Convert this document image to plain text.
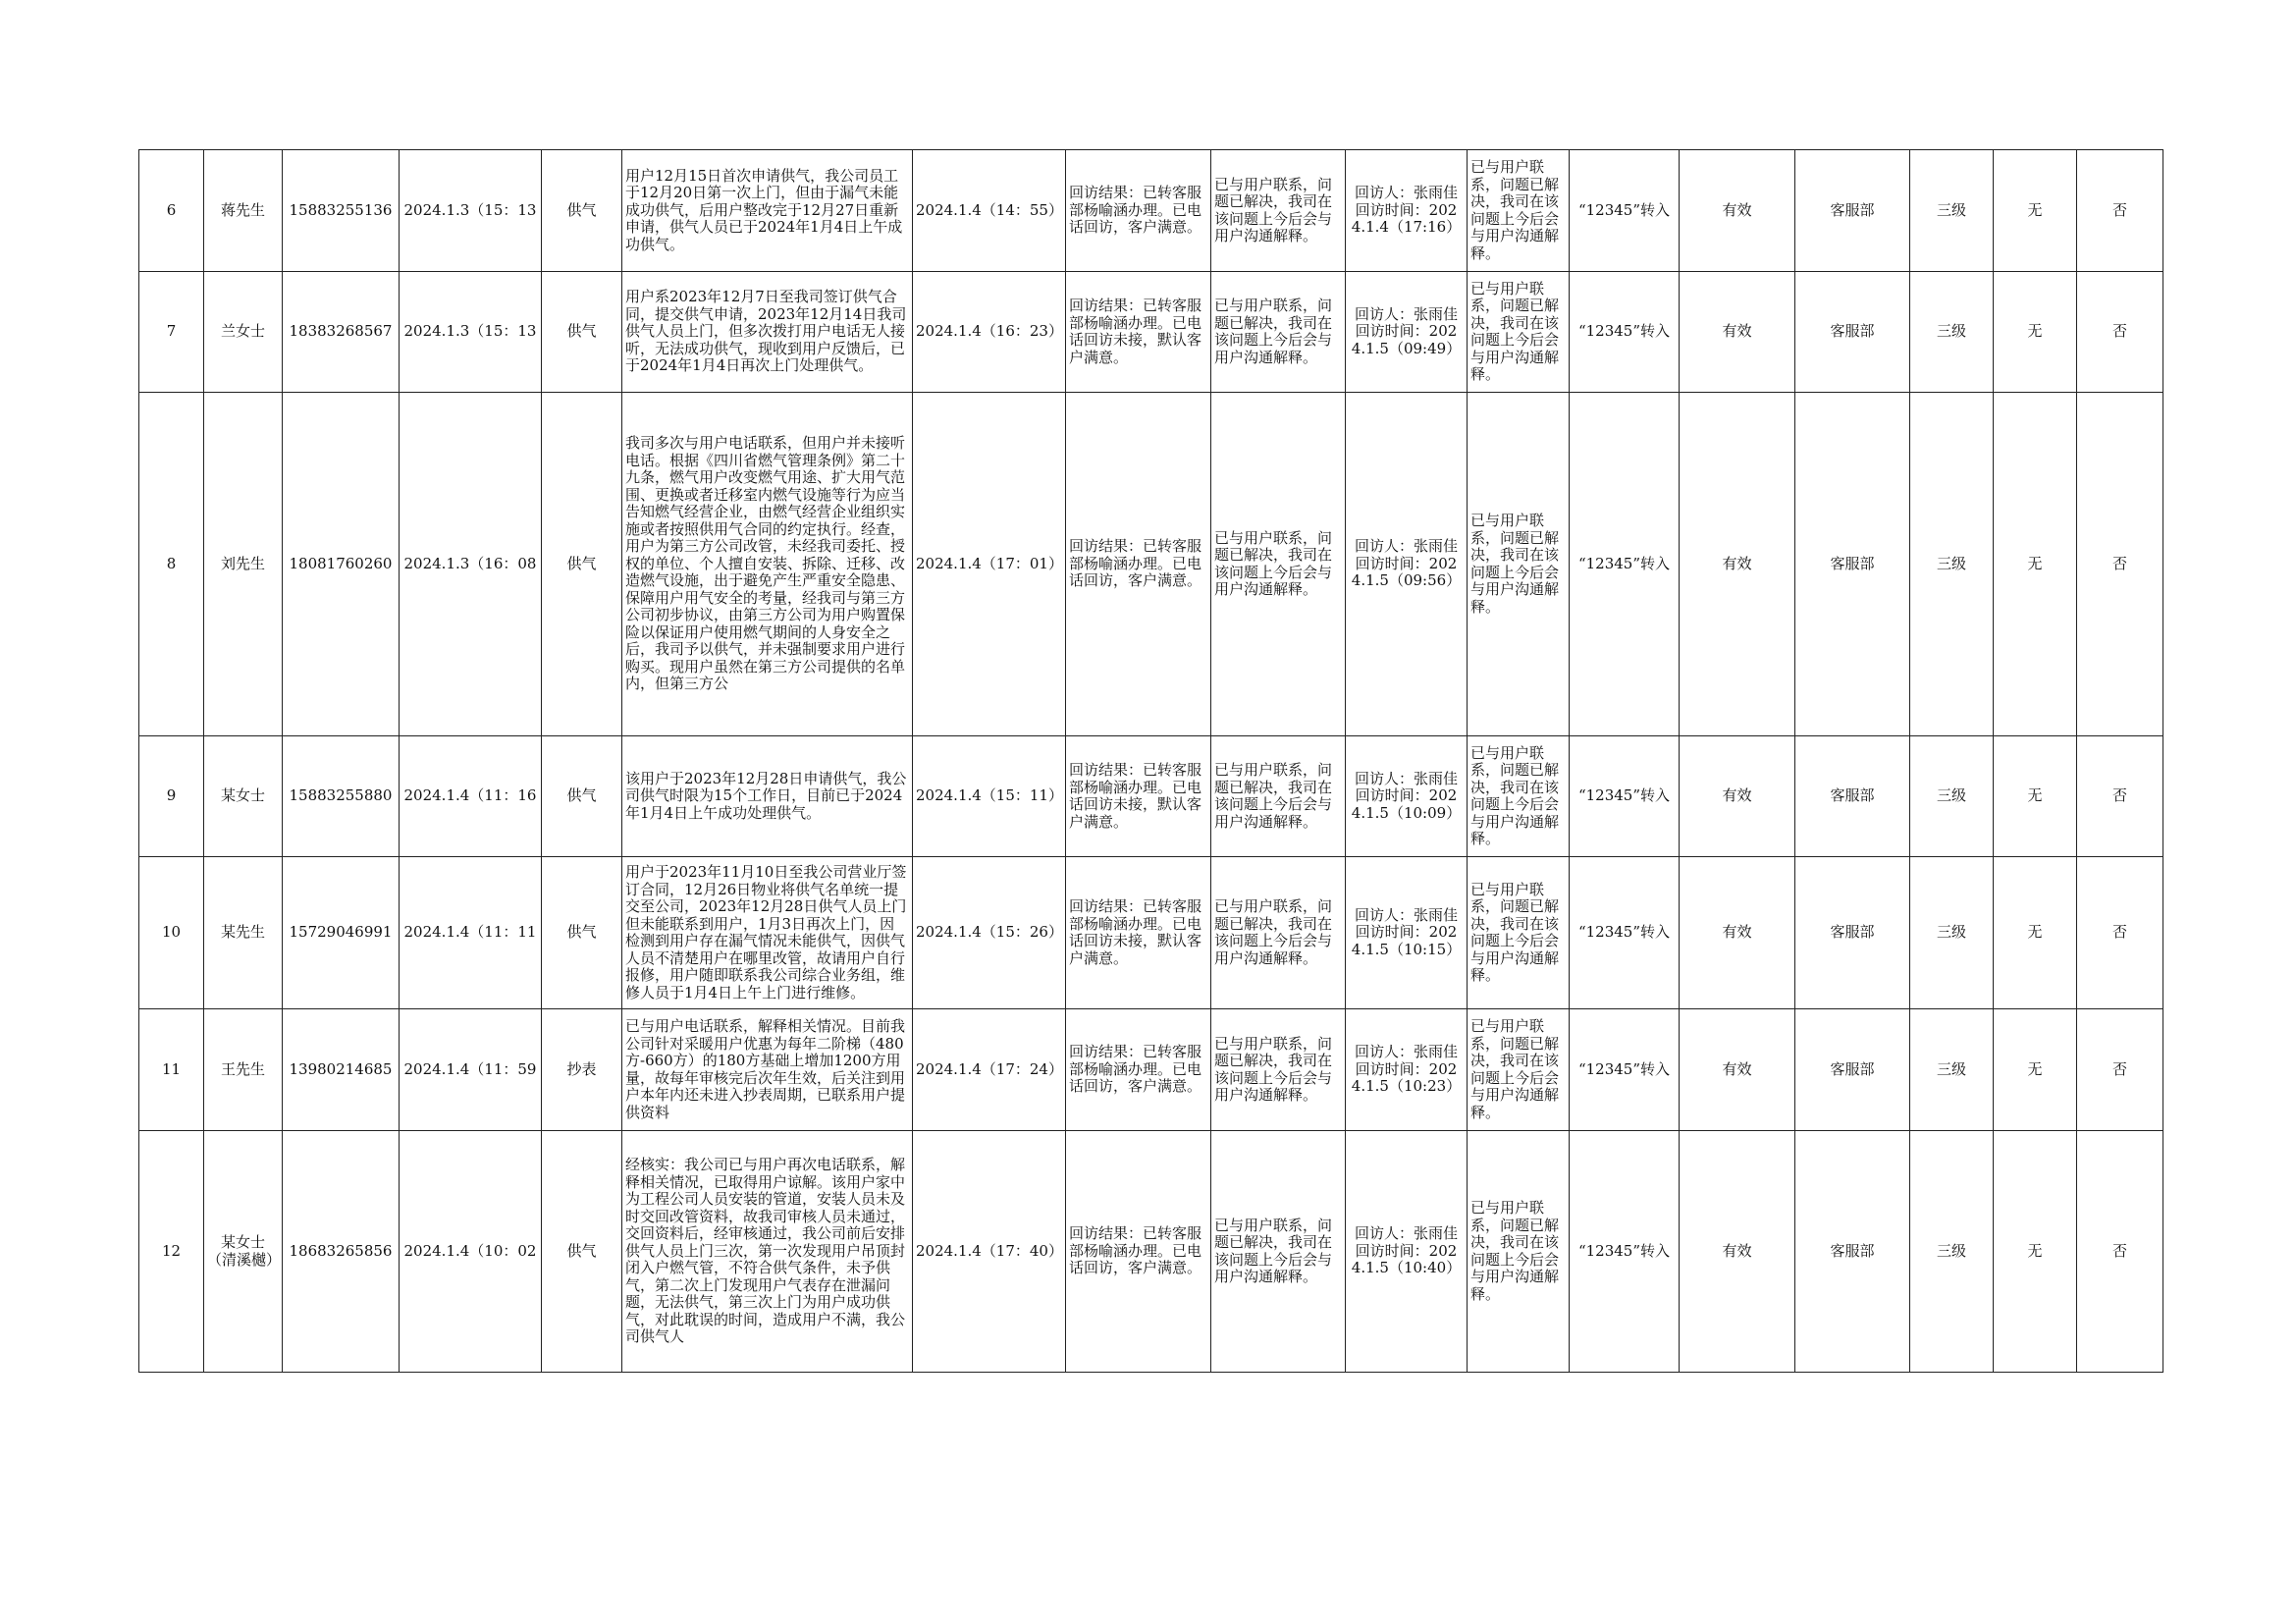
6	蒋先生	15883255136	2024.1.3（15：13	供气	用户12月15日首次申请供气，我公司员工于12月20日第一次上门，但由于漏气未能成功供气，后用户整改完于12月27日重新申请，供气人员已于2024年1月4日上午成功供气。	2024.1.4（14：55）	回访结果：已转客服部杨喻涵办理。已电话回访，客户满意。	已与用户联系，问题已解决，我司在该问题上今后会与用户沟通解释。	回访人：张雨佳　　回访时间：2024.1.4（17:16）	已与用户联系，问题已解决，我司在该问题上今后会与用户沟通解释。	“12345”转入	有效	客服部	三级	无	否
7	兰女士	18383268567	2024.1.3（15：13	供气	用户系2023年12月7日至我司签订供气合同，提交供气申请，2023年12月14日我司供气人员上门，但多次拨打用户电话无人接听，无法成功供气，现收到用户反馈后，已于2024年1月4日再次上门处理供气。	2024.1.4（16：23）	回访结果：已转客服部杨喻涵办理。已电话回访未接，默认客户满意。	已与用户联系，问题已解决，我司在该问题上今后会与用户沟通解释。	回访人：张雨佳　　回访时间：2024.1.5（09:49）	已与用户联系，问题已解决，我司在该问题上今后会与用户沟通解释。	“12345”转入	有效	客服部	三级	无	否
8	刘先生	18081760260	2024.1.3（16：08	供气	我司多次与用户电话联系，但用户并未接听电话。根据《四川省燃气管理条例》第二十九条，燃气用户改变燃气用途、扩大用气范围、更换或者迁移室内燃气设施等行为应当告知燃气经营企业，由燃气经营企业组织实施或者按照供用气合同的约定执行。经查，用户为第三方公司改管，未经我司委托、授权的单位、个人擅自安装、拆除、迁移、改造燃气设施，出于避免产生严重安全隐患、保障用户用气安全的考量，经我司与第三方公司初步协议，由第三方公司为用户购置保险以保证用户使用燃气期间的人身安全之后，我司予以供气，并未强制要求用户进行购买。现用户虽然在第三方公司提供的名单内，但第三方公	2024.1.4（17：01）	回访结果：已转客服部杨喻涵办理。已电话回访，客户满意。	已与用户联系，问题已解决，我司在该问题上今后会与用户沟通解释。	回访人：张雨佳　　回访时间：2024.1.5（09:56）	已与用户联系，问题已解决，我司在该问题上今后会与用户沟通解释。	“12345”转入	有效	客服部	三级	无	否
9	某女士	15883255880	2024.1.4（11：16	供气	该用户于2023年12月28日申请供气，我公司供气时限为15个工作日，目前已于2024年1月4日上午成功处理供气。	2024.1.4（15：11）	回访结果：已转客服部杨喻涵办理。已电话回访未接，默认客户满意。	已与用户联系，问题已解决，我司在该问题上今后会与用户沟通解释。	回访人：张雨佳　　回访时间：2024.1.5（10:09）	已与用户联系，问题已解决，我司在该问题上今后会与用户沟通解释。	“12345”转入	有效	客服部	三级	无	否
10	某先生	15729046991	2024.1.4（11：11	供气	用户于2023年11月10日至我公司营业厅签订合同，12月26日物业将供气名单统一提交至公司，2023年12月28日供气人员上门但未能联系到用户，1月3日再次上门，因检测到用户存在漏气情况未能供气，因供气人员不清楚用户在哪里改管，故请用户自行报修，用户随即联系我公司综合业务组，维修人员于1月4日上午上门进行维修。	2024.1.4（15：26）	回访结果：已转客服部杨喻涵办理。已电话回访未接，默认客户满意。	已与用户联系，问题已解决，我司在该问题上今后会与用户沟通解释。	回访人：张雨佳　　回访时间：2024.1.5（10:15）	已与用户联系，问题已解决，我司在该问题上今后会与用户沟通解释。	“12345”转入	有效	客服部	三级	无	否
11	王先生	13980214685	2024.1.4（11：59	抄表	已与用户电话联系，解释相关情况。目前我公司针对采暖用户优惠为每年二阶梯（480方-660方）的180方基础上增加1200方用量，故每年审核完后次年生效，后关注到用户本年内还未进入抄表周期，已联系用户提供资料	2024.1.4（17：24）	回访结果：已转客服部杨喻涵办理。已电话回访，客户满意。	已与用户联系，问题已解决，我司在该问题上今后会与用户沟通解释。	回访人：张雨佳　　回访时间：2024.1.5（10:23）	已与用户联系，问题已解决，我司在该问题上今后会与用户沟通解释。	“12345”转入	有效	客服部	三级	无	否
12	某女士（清溪樾）	18683265856	2024.1.4（10：02	供气	经核实：我公司已与用户再次电话联系，解释相关情况，已取得用户谅解。该用户家中为工程公司人员安装的管道，安装人员未及时交回改管资料，故我司审核人员未通过，交回资料后，经审核通过，我公司前后安排供气人员上门三次，第一次发现用户吊顶封闭入户燃气管，不符合供气条件，未予供气，第二次上门发现用户气表存在泄漏问题，无法供气，第三次上门为用户成功供气，对此耽误的时间，造成用户不满，我公司供气人	2024.1.4（17：40）	回访结果：已转客服部杨喻涵办理。已电话回访，客户满意。	已与用户联系，问题已解决，我司在该问题上今后会与用户沟通解释。	回访人：张雨佳　　回访时间：2024.1.5（10:40）	已与用户联系，问题已解决，我司在该问题上今后会与用户沟通解释。	“12345”转入	有效	客服部	三级	无	否
